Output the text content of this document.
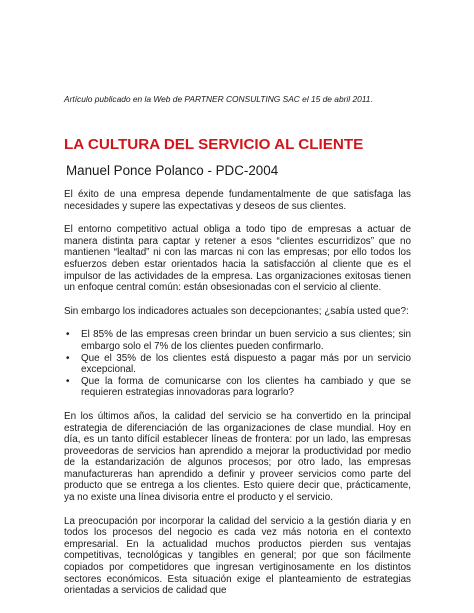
Artículo publicado en la Web de PARTNER CONSULTING SAC el 15 de abril 2011.
LA CULTURA DEL SERVICIO AL CLIENTE
Manuel Ponce Polanco - PDC-2004

El éxito de una empresa depende fundamentalmente de que satisfaga las necesidades y supere las expectativas y deseos de sus clientes.

El entorno competitivo actual obliga a todo tipo de empresas a actuar de manera distinta para captar y retener a esos “clientes escurridizos” que no mantienen “lealtad” ni con las marcas ni con las empresas; por ello todos los esfuerzos deben estar orientados hacia la satisfacción al cliente que es el impulsor de las actividades de la empresa. Las organizaciones exitosas tienen un enfoque central común: están obsesionadas con el servicio al cliente.

Sin embargo los indicadores actuales son decepcionantes; ¿sabía usted que?:

• El 85% de las empresas creen brindar un buen servicio a sus clientes; sin embargo solo el 7% de los clientes pueden confirmarlo.
• Que el 35% de los clientes está dispuesto a pagar más por un servicio excepcional.
• Que la forma de comunicarse con los clientes ha cambiado y que se requieren estrategias innovadoras para lograrlo?

En los últimos años, la calidad del servicio se ha convertido en la principal estrategia de diferenciación de las organizaciones de clase mundial. Hoy en día, es un tanto difícil establecer líneas de frontera: por un lado, las empresas proveedoras de servicios han aprendido a mejorar la productividad por medio de la estandarización de algunos procesos; por otro lado, las empresas manufactureras han aprendido a definir y proveer servicios como parte del producto que se entrega a los clientes. Esto quiere decir que, prácticamente, ya no existe una línea divisoria entre el producto y el servicio.

La preocupación por incorporar la calidad del servicio a la gestión diaria y en todos los procesos del negocio es cada vez más notoria en el contexto empresarial. En la actualidad muchos productos pierden sus ventajas competitivas, tecnológicas y tangibles en general; por que son fácilmente copiados por competidores que ingresan vertiginosamente en los distintos sectores económicos. Esta situación exige el planteamiento de estrategias orientadas a servicios de calidad que
